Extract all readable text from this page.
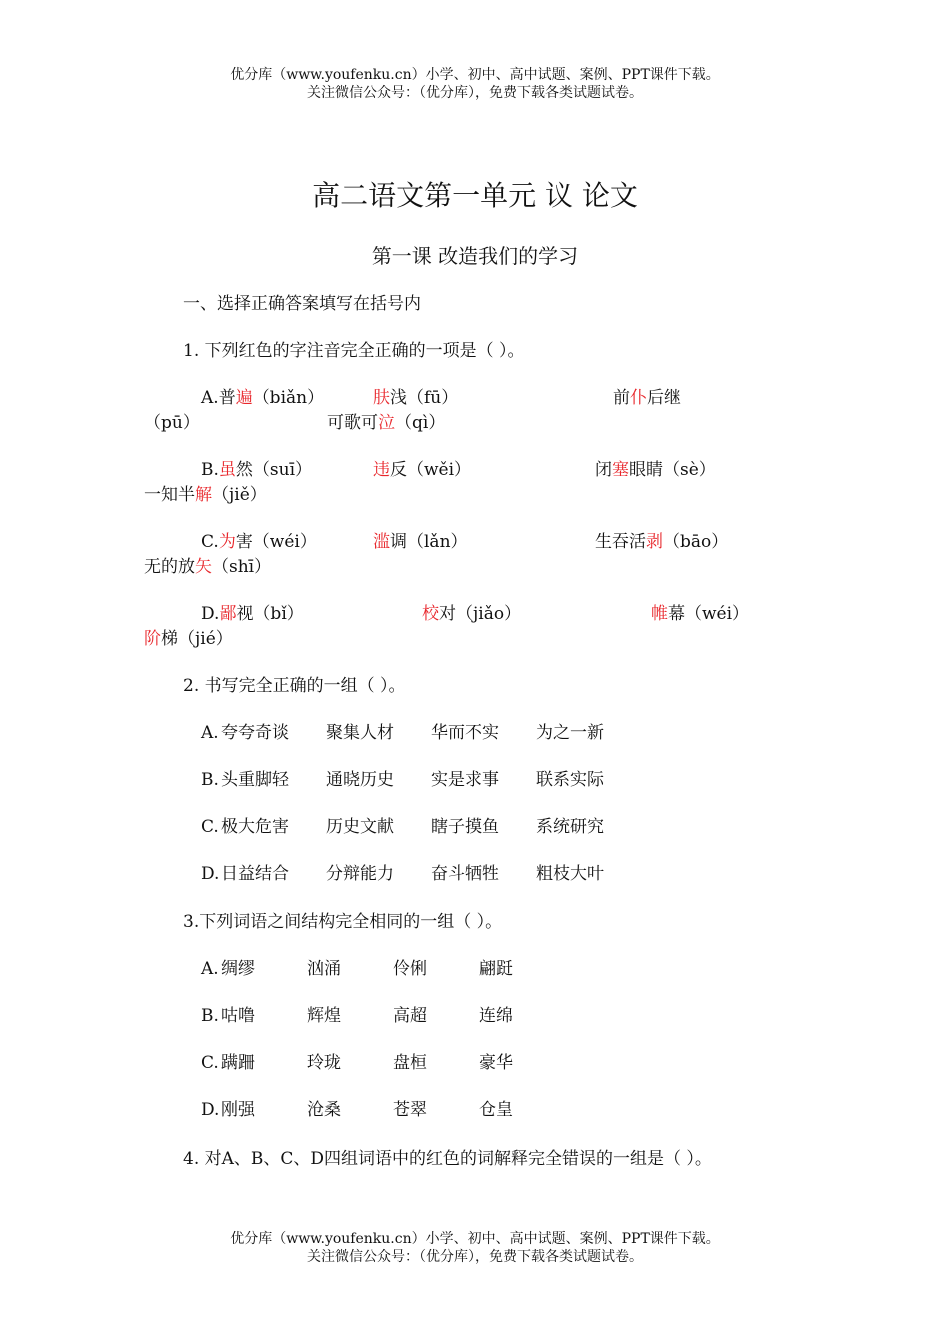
优分库（www.youfenku.cn）小学、初中、高中试题、案例、PPT课件下载。
关注微信公众号：（优分库），免费下载各类试题试卷。
高二语文第一单元 议 论文
第一课 改造我们的学习
一、选择正确答案填写在括号内
1. 下列红色的字注音完全正确的一项是（ ）。
A.普遍（biǎn）	肤浅（fū）	前仆后继
（pū）	可歌可泣（qì）
B.虽然（suī）	违反（wěi）	闭塞眼睛（sè）
一知半解（jiě）
C.为害（wéi）	滥调（lǎn）	生吞活剥（bāo）
无的放矢（shī）
D.鄙视（bǐ）	校对（jiǎo）	帷幕（wéi）
阶梯（jié）
2. 书写完全正确的一组（ ）。
A. 夸夸奇谈 聚集人材 华而不实 为之一新
B. 头重脚轻 通晓历史 实是求事 联系实际
C. 极大危害 历史文献 瞎子摸鱼 系统研究
D. 日益结合 分辩能力 奋斗牺牲 粗枝大叶
3.下列词语之间结构完全相同的一组（ ）。
A. 绸缪	汹涌	伶俐	翩跹
B. 咕噜	辉煌	高超	连绵
C. 蹒跚	玲珑	盘桓	豪华
D. 刚强	沧桑	苍翠	仓皇
4. 对A、B、C、D四组词语中的红色的词解释完全错误的一组是（ ）。
优分库（www.youfenku.cn）小学、初中、高中试题、案例、PPT课件下载。
关注微信公众号：（优分库），免费下载各类试题试卷。
